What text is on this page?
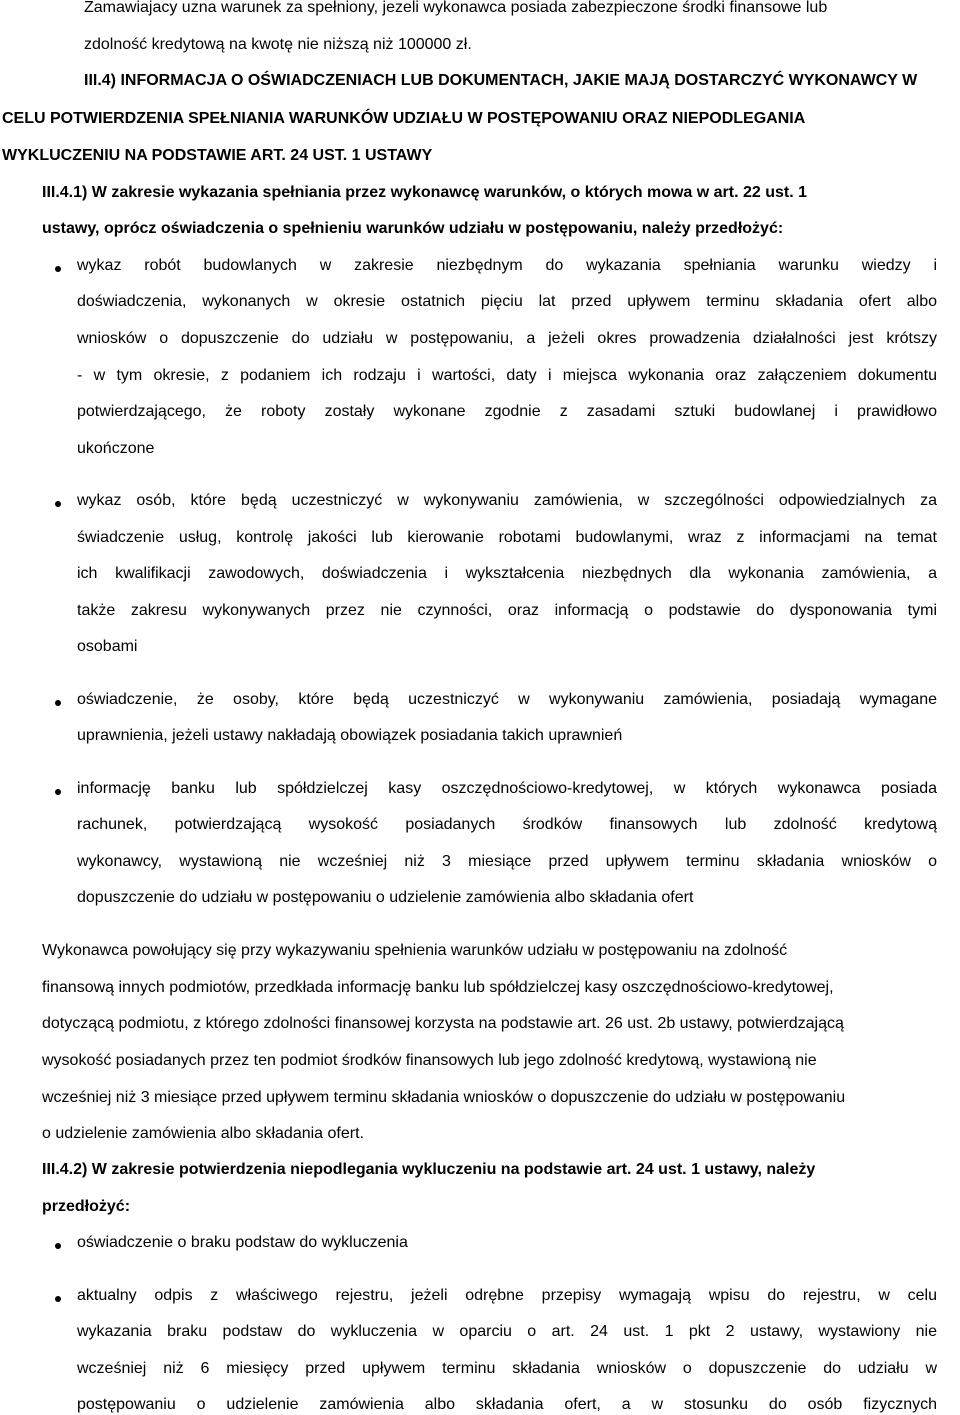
Zamawiajacy uzna warunek za spełniony, jezeli wykonawca posiada zabezpieczone środki finansowe lub
zdolność kredytową na kwotę nie niższą niż 100000 zł.
III.4) INFORMACJA O OŚWIADCZENIACH LUB DOKUMENTACH, JAKIE MAJĄ DOSTARCZYĆ WYKONAWCY W
CELU POTWIERDZENIA SPEŁNIANIA WARUNKÓW UDZIAŁU W POSTĘPOWANIU ORAZ NIEPODLEGANIA
WYKLUCZENIU NA PODSTAWIE ART. 24 UST. 1 USTAWY
III.4.1) W zakresie wykazania spełniania przez wykonawcę warunków, o których mowa w art. 22 ust. 1
ustawy, oprócz oświadczenia o spełnieniu warunków udziału w postępowaniu, należy przedłożyć:
wykaz robót budowlanych w zakresie niezbędnym do wykazania spełniania warunku wiedzy i
doświadczenia, wykonanych w okresie ostatnich pięciu lat przed upływem terminu składania ofert albo
wniosków o dopuszczenie do udziału w postępowaniu, a jeżeli okres prowadzenia działalności jest krótszy
- w tym okresie, z podaniem ich rodzaju i wartości, daty i miejsca wykonania oraz załączeniem dokumentu
potwierdzającego, że roboty zostały wykonane zgodnie z zasadami sztuki budowlanej i prawidłowo
ukończone
wykaz osób, które będą uczestniczyć w wykonywaniu zamówienia, w szczególności odpowiedzialnych za
świadczenie usług, kontrolę jakości lub kierowanie robotami budowlanymi, wraz z informacjami na temat
ich kwalifikacji zawodowych, doświadczenia i wykształcenia niezbędnych dla wykonania zamówienia, a
także zakresu wykonywanych przez nie czynności, oraz informacją o podstawie do dysponowania tymi
osobami
oświadczenie, że osoby, które będą uczestniczyć w wykonywaniu zamówienia, posiadają wymagane
uprawnienia, jeżeli ustawy nakładają obowiązek posiadania takich uprawnień
informację banku lub spółdzielczej kasy oszczędnościowo-kredytowej, w których wykonawca posiada
rachunek, potwierdzającą wysokość posiadanych środków finansowych lub zdolność kredytową
wykonawcy, wystawioną nie wcześniej niż 3 miesiące przed upływem terminu składania wniosków o
dopuszczenie do udziału w postępowaniu o udzielenie zamówienia albo składania ofert
Wykonawca powołujący się przy wykazywaniu spełnienia warunków udziału w postępowaniu na zdolność
finansową innych podmiotów, przedkłada informację banku lub spółdzielczej kasy oszczędnościowo-kredytowej,
dotyczącą podmiotu, z którego zdolności finansowej korzysta na podstawie art. 26 ust. 2b ustawy, potwierdzającą
wysokość posiadanych przez ten podmiot środków finansowych lub jego zdolność kredytową, wystawioną nie
wcześniej niż 3 miesiące przed upływem terminu składania wniosków o dopuszczenie do udziału w postępowaniu
o udzielenie zamówienia albo składania ofert.
III.4.2) W zakresie potwierdzenia niepodlegania wykluczeniu na podstawie art. 24 ust. 1 ustawy, należy
przedłożyć:
oświadczenie o braku podstaw do wykluczenia
aktualny odpis z właściwego rejestru, jeżeli odrębne przepisy wymagają wpisu do rejestru, w celu
wykazania braku podstaw do wykluczenia w oparciu o art. 24 ust. 1 pkt 2 ustawy, wystawiony nie
wcześniej niż 6 miesięcy przed upływem terminu składania wniosków o dopuszczenie do udziału w
postępowaniu o udzielenie zamówienia albo składania ofert, a w stosunku do osób fizycznych
